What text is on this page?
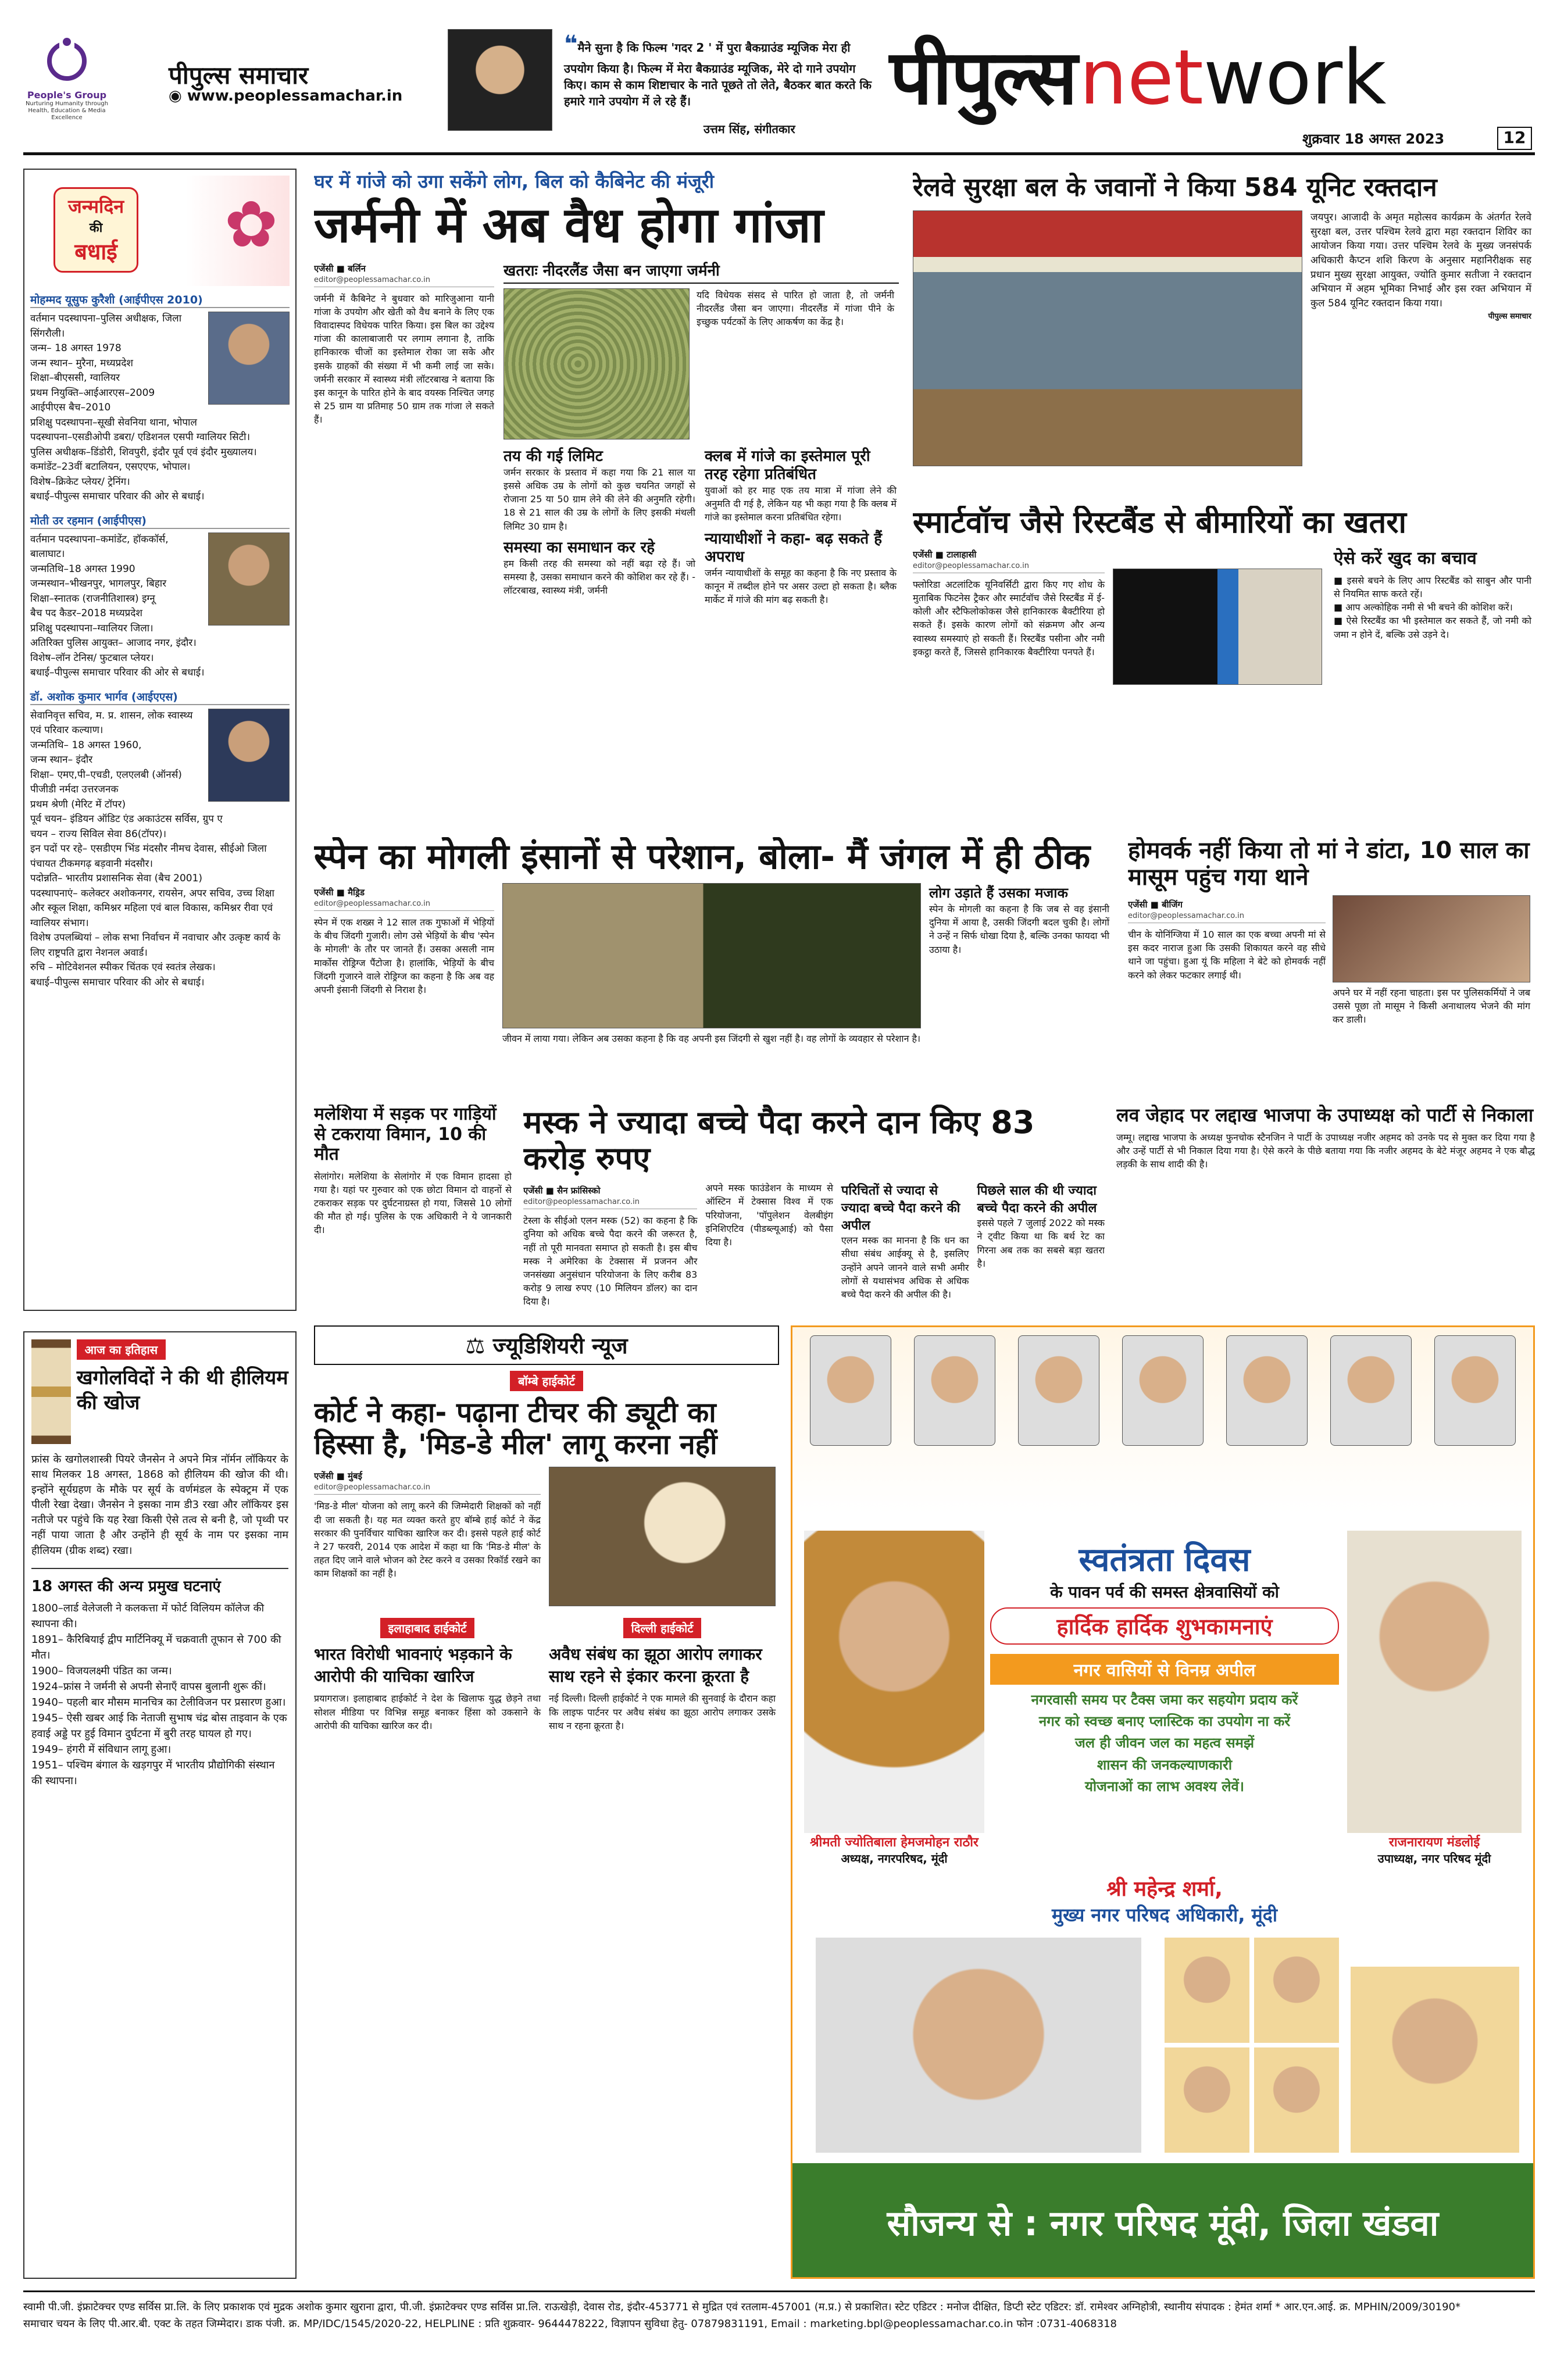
People's Group
Nurturing Humanity through Health, Education & Media Excellence
पीपुल्स समाचार
◉ www.peoplessamachar.in
❝मैने सुना है कि फिल्म 'गदर 2 ' में पुरा बैकग्राउंड म्यूजिक मेरा ही उपयोग किया है। फिल्म में मेरा बैकग्राउंड म्यूजिक, मेरे दो गाने उपयोग किए। काम से काम शिष्टाचार के नाते पूछते तो लेते, बैठकर बात करते कि हमारे गाने उपयोग में ले रहे हैं।
उत्तम सिंह, संगीतकार
पीपुल्स network
शुक्रवार 18 अगस्त 2023	12
जन्मदिन
की
बधाई ✿
मोहम्मद यूसुफ कुरैशी (आईपीएस 2010)
वर्तमान पदस्थापना–पुलिस अधीक्षक, जिला सिंगरौली।
जन्म– 18 अगस्त 1978
जन्म स्थान– मुरैना, मध्यप्रदेश
शिक्षा–बीएससी, ग्वालियर
प्रथम नियुक्ति–आईआरएस–2009
आईपीएस बैच–2010
प्रशिक्षु पदस्थापना–सूखी सेवनिया थाना, भोपाल
पदस्थापना–एसडीओपी डबरा/ एडिशनल एसपी ग्वालियर सिटी।
पुलिस अधीक्षक–डिंडोरी, शिवपुरी, इंदौर पूर्व एवं इंदौर मुख्यालय।
कमांडेंट–23वीं बटालियन, एसएएफ, भोपाल।
विशेष–क्रिकेट प्लेयर/ ट्रेनिंग।
बधाई–पीपुल्स समाचार परिवार की ओर से बधाई।
मोती उर रहमान (आईपीएस)
वर्तमान पदस्थापना–कमांडेंट, हॉककॉर्स, बालाघाट।
जन्मतिथि–18 अगस्त 1990
जन्मस्थान–भीखनपुर, भागलपुर, बिहार
शिक्षा–स्नातक (राजनीतिशास्त्र) इग्नू
बैच पद कैडर–2018 मध्यप्रदेश
प्रशिक्षु पदस्थापना–ग्वालियर जिला।
अतिरिक्त पुलिस आयुक्त– आजाद नगर, इंदौर।
विशेष–लॉन टेनिस/ फुटबाल प्लेयर।
बधाई–पीपुल्स समाचार परिवार की ओर से बधाई।
डॉ. अशोक कुमार भार्गव (आईएएस)
सेवानिवृत्त सचिव, म. प्र. शासन, लोक स्वास्थ्य एवं परिवार कल्याण।
जन्मतिथि– 18 अगस्त 1960,
जन्म स्थान– इंदौर
शिक्षा– एमए,पी–एचडी, एलएलबी (ऑनर्स) पीजीडी नर्मदा उत्तरजनक
प्रथम श्रेणी (मेरिट में टॉपर)
पूर्व चयन– इंडियन ऑडिट एंड अकाउंटस सर्विस, ग्रुप ए
चयन – राज्य सिविल सेवा 86(टॉपर)।
इन पदों पर रहे– एसडीएम भिंड मंदसौर नीमच देवास, सीईओ जिला पंचायत टीकमगढ़ बड़वानी मंदसौर।
पदोन्नति– भारतीय प्रशासनिक सेवा (बैच 2001)
पदस्थापनाएं– कलेक्टर अशोकनगर, रायसेन, अपर सचिव, उच्च शिक्षा और स्कूल शिक्षा, कमिश्नर महिला एवं बाल विकास, कमिश्नर रीवा एवं ग्वालियर संभाग।
विशेष उपलब्धियां – लोक सभा निर्वाचन में नवाचार और उत्कृष्ट कार्य के लिए राष्ट्रपति द्वारा नेशनल अवार्ड।
रुचि – मोटिवेशनल स्पीकर चिंतक एवं स्वतंत्र लेखक।
बधाई–पीपुल्स समाचार परिवार की ओर से बधाई।
आज का इतिहास
खगोलविदों ने की थी हीलियम की खोज
फ्रांस के खगोलशास्त्री पियरे जैनसेन ने अपने मित्र नॉर्मन लॉकियर के साथ मिलकर 18 अगस्त, 1868 को हीलियम की खोज की थी। इन्होंने सूर्यग्रहण के मौके पर सूर्य के वर्णमंडल के स्पेक्ट्रम में एक पीली रेखा देखा। जैनसेन ने इसका नाम डी3 रखा और लॉकियर इस नतीजे पर पहुंचे कि यह रेखा किसी ऐसे तत्व से बनी है, जो पृथ्वी पर नहीं पाया जाता है और उन्होंने ही सूर्य के नाम पर इसका नाम हीलियम (ग्रीक शब्द) रखा।
18 अगस्त की अन्य प्रमुख घटनाएं
1800–लार्ड वेलेजली ने कलकत्ता में फोर्ट विलियम कॉलेज की स्थापना की।
1891– कैरिबियाई द्वीप मार्टिनिक्यू में चक्रवाती तूफान से 700 की मौत।
1900– विजयलक्ष्मी पंडित का जन्म।
1924–फ्रांस ने जर्मनी से अपनी सेनाएँ वापस बुलानी शुरू कीं।
1940– पहली बार मौसम मानचित्र का टेलीविजन पर प्रसारण हुआ।
1945– ऐसी खबर आई कि नेताजी सुभाष चंद्र बोस ताइवान के एक हवाई अड्डे पर हुई विमान दुर्घटना में बुरी तरह घायल हो गए।
1949– हंगरी में संविधान लागू हुआ।
1951– पश्चिम बंगाल के खड़गपुर में भारतीय प्रौद्योगिकी संस्थान की स्थापना।
घर में गांजे को उगा सकेंगे लोग, बिल को कैबिनेट की मंजूरी
जर्मनी में अब वैध होगा गांजा
एजेंसी ■ बर्लिन
editor@peoplessamachar.co.in
जर्मनी में कैबिनेट ने बुधवार को मारिजुआना यानी गांजा के उपयोग और खेती को वैध बनाने के लिए एक विवादास्पद विधेयक पारित किया। इस बिल का उद्देश्य गांजा की कालाबाजारी पर लगाम लगाना है, ताकि हानिकारक चीजों का इस्तेमाल रोका जा सके और इसके ग्राहकों की संख्या में भी कमी लाई जा सके। जर्मनी सरकार में स्वास्थ्य मंत्री लॉटरबाख ने बताया कि इस कानून के पारित होने के बाद वयस्क निश्चित जगह से 25 ग्राम या प्रतिमाह 50 ग्राम तक गांजा ले सकते हैं।
खतराः नीदरलैंड जैसा बन जाएगा जर्मनी
यदि विधेयक संसद से पारित हो जाता है, तो जर्मनी नीदरलैंड जैसा बन जाएगा। नीदरलैंड में गांजा पीने के इच्छुक पर्यटकों के लिए आकर्षण का केंद्र है।
तय की गई लिमिट
जर्मन सरकार के प्रस्ताव में कहा गया कि 21 साल या इससे अधिक उम्र के लोगों को कुछ चयनित जगहों से रोजाना 25 या 50 ग्राम लेने की लेने की अनुमति रहेगी। 18 से 21 साल की उम्र के लोगों के लिए इसकी मंथली लिमिट 30 ग्राम है।
समस्या का समाधान कर रहे
हम किसी तरह की समस्या को नहीं बढ़ा रहे हैं। जो समस्या है, उसका समाधान करने की कोशिश कर रहे हैं। - लॉटरबाख, स्वास्थ्य मंत्री, जर्मनी
क्लब में गांजे का इस्तेमाल पूरी तरह रहेगा प्रतिबंधित
युवाओं को हर माह एक तय मात्रा में गांजा लेने की अनुमति दी गई है, लेकिन यह भी कहा गया है कि क्लब में गांजे का इस्तेमाल करना प्रतिबंधित रहेगा।
न्यायाधीशों ने कहा- बढ़ सकते हैं अपराध
जर्मन न्यायाधीशों के समूह का कहना है कि नए प्रस्ताव के कानून में तब्दील होने पर असर उल्टा हो सकता है। ब्लैक मार्केट में गांजे की मांग बढ़ सकती है।
रेलवे सुरक्षा बल के जवानों ने किया 584 यूनिट रक्तदान
जयपुर। आजादी के अमृत महोत्सव कार्यक्रम के अंतर्गत रेलवे सुरक्षा बल, उत्तर पश्चिम रेलवे द्वारा महा रक्तदान शिविर का आयोजन किया गया। उत्तर पश्चिम रेलवे के मुख्य जनसंपर्क अधिकारी कैप्टन शशि किरण के अनुसार महानिरीक्षक सह प्रधान मुख्य सुरक्षा आयुक्त, ज्योति कुमार सतीजा ने रक्तदान अभियान में अहम भूमिका निभाई और इस रक्त अभियान में कुल 584 यूनिट रक्तदान किया गया।
पीपुल्स समाचार
स्मार्टवॉच जैसे रिस्टबैंड से बीमारियों का खतरा
एजेंसी ■ टालाहासी
editor@peoplessamachar.co.in
फ्लोरिडा अटलांटिक यूनिवर्सिटी द्वारा किए गए शोध के मुताबिक फिटनेस ट्रैकर और स्मार्टवॉच जैसे रिस्टबैंड में ई-कोली और स्टैफिलोकोकस जैसे हानिकारक बैक्टीरिया हो सकते हैं। इसके कारण लोगों को संक्रमण और अन्य स्वास्थ्य समस्याएं हो सकती हैं। रिस्टबैंड पसीना और नमी इकट्ठा करते हैं, जिससे हानिकारक बैक्टीरिया पनपते हैं।
ऐसे करें खुद का बचाव
■ इससे बचने के लिए आप रिस्टबैंड को साबुन और पानी से नियमित साफ करते रहें।
■ आप अल्कोहिक नमी से भी बचने की कोशिश करें।
■ ऐसे रिस्टबैंड का भी इस्तेमाल कर सकते हैं, जो नमी को जमा न होने दें, बल्कि उसे उड़ने दे।
स्पेन का मोगली इंसानों से परेशान, बोला- मैं जंगल में ही ठीक
एजेंसी ■ मैड्रिड
editor@peoplessamachar.co.in
स्पेन में एक शख्स ने 12 साल तक गुफाओं में भेड़ियों के बीच जिंदगी गुजारी। लोग उसे भेड़ियों के बीच 'स्पेन के मोगली' के तौर पर जानते हैं। उसका असली नाम मार्कोस रोड्रिग्ज पैंटोजा है। हालांकि, भेड़ियों के बीच जिंदगी गुजारने वाले रोड्रिग्ज का कहना है कि अब वह अपनी इंसानी जिंदगी से निराश है।
जीवन में लाया गया। लेकिन अब उसका कहना है कि वह अपनी इस जिंदगी से खुश नहीं है। वह लोगों के व्यवहार से परेशान है।
लोग उड़ाते हैं उसका मजाक
स्पेन के मोगली का कहना है कि जब से वह इंसानी दुनिया में आया है, उसकी जिंदगी बदल चुकी है। लोगों ने उन्हें न सिर्फ धोखा दिया है, बल्कि उनका फायदा भी उठाया है।
होमवर्क नहीं किया तो मां ने डांटा, 10 साल का मासूम पहुंच गया थाने
एजेंसी ■ बीजिंग
editor@peoplessamachar.co.in
चीन के योनिंग्जिया में 10 साल का एक बच्चा अपनी मां से इस कदर नाराज हुआ कि उसकी शिकायत करने वह सीधे थाने जा पहुंचा। हुआ यूं कि महिला ने बेटे को होमवर्क नहीं करने को लेकर फटकार लगाई थी।
अपने घर में नहीं रहना चाहता। इस पर पुलिसकर्मियों ने जब उससे पूछा तो मासूम ने किसी अनाथालय भेजने की मांग कर डाली।
मलेशिया में सड़क पर गाड़ियों से टकराया विमान, 10 की मौत
सेलांगोर। मलेशिया के सेलांगोर में एक विमान हादसा हो गया है। यहां पर गुरुवार को एक छोटा विमान दो वाहनों से टकराकर सड़क पर दुर्घटनाग्रस्त हो गया, जिससे 10 लोगों की मौत हो गई। पुलिस के एक अधिकारी ने ये जानकारी दी।
मस्क ने ज्यादा बच्चे पैदा करने दान किए 83 करोड़ रुपए
एजेंसी ■ सैन फ्रांसिस्को
editor@peoplessamachar.co.in
टेस्ला के सीईओ एलन मस्क (52) का कहना है कि दुनिया को अधिक बच्चे पैदा करने की जरूरत है, नहीं तो पूरी मानवता समाप्त हो सकती है। इस बीच मस्क ने अमेरिका के टेक्सास में प्रजनन और जनसंख्या अनुसंधान परियोजना के लिए करीब 83 करोड़ 9 लाख रुपए (10 मिलियन डॉलर) का दान दिया है।
अपने मस्क फाउंडेशन के माध्यम से ऑस्टिन में टेक्सास विश्व में एक परियोजना, 'पॉपुलेशन वेलबीइंग इनिशिएटिव (पीडब्ल्यूआई) को पैसा दिया है।
परिचितों से ज्यादा से ज्यादा बच्चे पैदा करने की अपील
एलन मस्क का मानना है कि धन का सीधा संबंध आईक्यू से है, इसलिए उन्होंने अपने जानने वाले सभी अमीर लोगों से यथासंभव अधिक से अधिक बच्चे पैदा करने की अपील की है।
पिछले साल की थी ज्यादा बच्चे पैदा करने की अपील
इससे पहले 7 जुलाई 2022 को मस्क ने ट्वीट किया था कि बर्थ रेट का गिरना अब तक का सबसे बड़ा खतरा है।
लव जेहाद पर लद्दाख भाजपा के उपाध्यक्ष को पार्टी से निकाला
जम्मू। लद्दाख भाजपा के अध्यक्ष फुनचोक स्टैनजिन ने पार्टी के उपाध्यक्ष नजीर अहमद को उनके पद से मुक्त कर दिया गया है और उन्हें पार्टी से भी निकाल दिया गया है। ऐसे करने के पीछे बताया गया कि नजीर अहमद के बेटे मंजूर अहमद ने एक बौद्ध लड़की के साथ शादी की है।
⚖ ज्यूडिशियरी न्यूज
बॉम्बे हाईकोर्ट
कोर्ट ने कहा- पढ़ाना टीचर की ड्यूटी का हिस्सा है, 'मिड-डे मील' लागू करना नहीं
एजेंसी ■ मुंबई
editor@peoplessamachar.co.in
'मिड-डे मील' योजना को लागू करने की जिम्मेदारी शिक्षकों को नहीं दी जा सकती है। यह मत व्यक्त करते हुए बॉम्बे हाई कोर्ट ने केंद्र सरकार की पुनर्विचार याचिका खारिज कर दी। इससे पहले हाई कोर्ट ने 27 फरवरी, 2014 एक आदेश में कहा था कि 'मिड-डे मील' के तहत दिए जाने वाले भोजन को टेस्ट करने व उसका रिकॉर्ड रखने का काम शिक्षकों का नहीं है।
इलाहाबाद हाईकोर्ट
भारत विरोधी भावनाएं भड़काने के आरोपी की याचिका खारिज
प्रयागराज। इलाहाबाद हाईकोर्ट ने देश के खिलाफ युद्ध छेड़ने तथा सोशल मीडिया पर विभिन्न समूह बनाकर हिंसा को उकसाने के आरोपी की याचिका खारिज कर दी।
दिल्ली हाईकोर्ट
अवैध संबंध का झूठा आरोप लगाकर साथ रहने से इंकार करना क्रूरता है
नई दिल्ली। दिल्ली हाईकोर्ट ने एक मामले की सुनवाई के दौरान कहा कि लाइफ पार्टनर पर अवैध संबंध का झूठा आरोप लगाकर उसके साथ न रहना क्रूरता है।
श्रीमती ज्योतिबाला हेमजमोहन राठौर
अध्यक्ष, नगरपरिषद, मूंदी
राजनारायण मंडलोई
उपाध्यक्ष, नगर परिषद मूंदी
स्वतंत्रता दिवस
के पावन पर्व की समस्त क्षेत्रवासियों को
हार्दिक हार्दिक शुभकामनाएं
नगर वासियों से विनम्र अपील
नगरवासी समय पर टैक्स जमा कर सहयोग प्रदाय करें
नगर को स्वच्छ बनाए प्लास्टिक का उपयोग ना करें
जल ही जीवन जल का महत्व समझें
शासन की जनकल्याणकारी
योजनाओं का लाभ अवश्य लेवें।
श्री महेन्द्र शर्मा,
मुख्य नगर परिषद अधिकारी, मूंदी
सौजन्य से : नगर परिषद मूंदी, जिला खंडवा
स्वामी पी.जी. इंफ्राटेक्चर एण्ड सर्विस प्रा.लि. के लिए प्रकाशक एवं मुद्रक अशोक कुमार खुराना द्वारा, पी.जी. इंफ्राटेक्चर एण्ड सर्विस प्रा.लि. राऊखेड़ी, देवास रोड, इंदौर-453771 से मुद्रित एवं रतलाम-457001 (म.प्र.) से प्रकाशित। स्टेट एडिटर : मनोज दीक्षित, डिप्टी स्टेट एडिटर: डॉ. रामेश्वर अग्निहोत्री, स्थानीय संपादक : हेमंत शर्मा * आर.एन.आई. क्र. MPHIN/2009/30190*
समाचार चयन के लिए पी.आर.बी. एक्ट के तहत जिम्मेदार। डाक पंजी. क्र. MP/IDC/1545/2020-22, HELPLINE : प्रति शुक्रवार- 9644478222, विज्ञापन सुविधा हेतु- 07879831191, Email : marketing.bpl@peoplessamachar.co.in फोन :0731-4068318
